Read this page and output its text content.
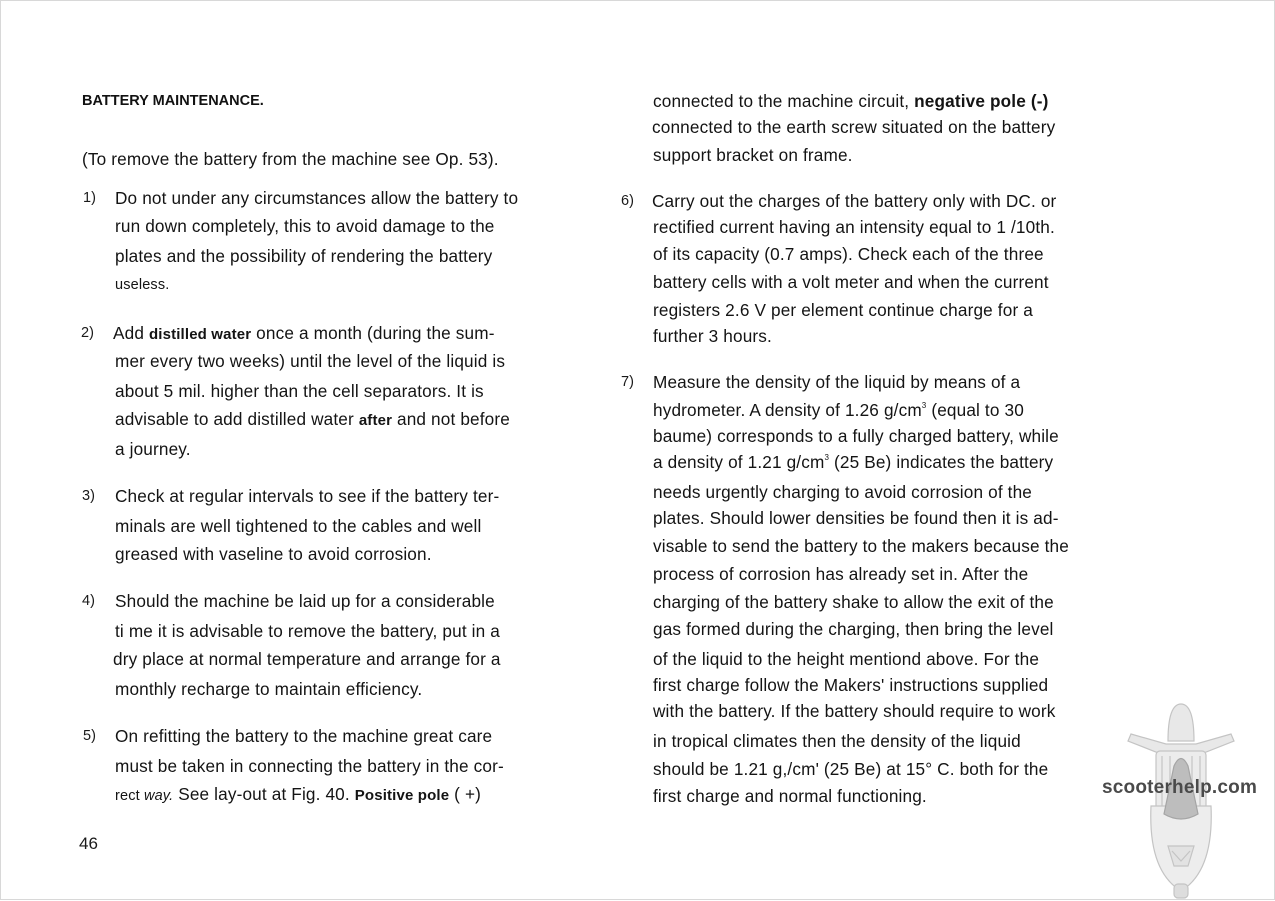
BATTERY MAINTENANCE.
(To remove the battery from the machine see Op. 53).
1) Do not under any circumstances allow the battery to
run down completely, this to avoid damage to the
plates and the possibility of rendering the battery
useless.
2) Add distilled water once a month (during the sum-
mer every two weeks) until the level of the liquid is
about 5 mil. higher than the cell separators. It is
advisable to add distilled water after and not before
a journey.
3) Check at regular intervals to see if the battery ter-
minals are well tightened to the cables and well
greased with vaseline to avoid corrosion.
4) Should the machine be laid up for a considerable
ti me it is advisable to remove the battery, put in a
dry place at normal temperature and arrange for a
monthly recharge to maintain efficiency.
5) On refitting the battery to the machine great care
must be taken in connecting the battery in the cor-
rect way. See lay-out at Fig. 40. Positive pole ( +)
46
connected to the machine circuit, negative pole (-)
connected to the earth screw situated on the battery
support bracket on frame.
6) Carry out the charges of the battery only with DC. or
rectified current having an intensity equal to 1 /10th.
of its capacity (0.7 amps). Check each of the three
battery cells with a volt meter and when the current
registers 2.6 V per element continue charge for a
further 3 hours.
7) Measure the density of the liquid by means of a
hydrometer. A density of 1.26 $g/cm^3$ (equal to 30
baume) corresponds to a fully charged battery, while
a density of 1.21 $g/cm^3$ (25 Be) indicates the battery
needs urgently charging to avoid corrosion of the
plates. Should lower densities be found then it is ad-
visable to send the battery to the makers because the
process of corrosion has already set in. After the
charging of the battery shake to allow the exit of the
gas formed during the charging, then bring the level
of the liquid to the height mentiond above. For the
first charge follow the Makers' instructions supplied
with the battery. If the battery should require to work
in tropical climates then the density of the liquid
should be 1.21 g,/cm' (25 Be) at 15° C. both for the
first charge and normal functioning.	scooterhelp.com
